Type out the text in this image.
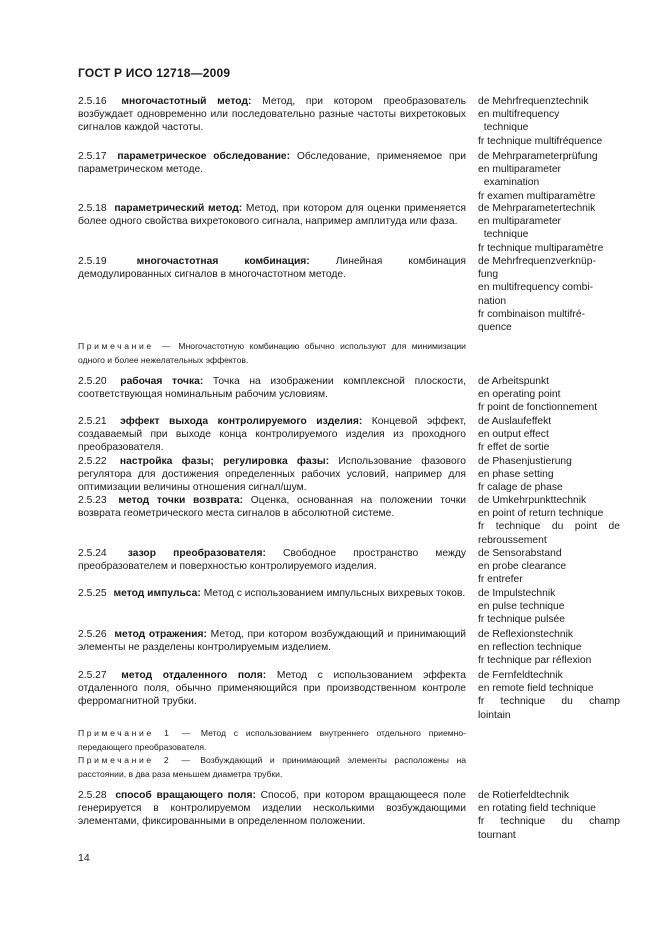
ГОСТ Р ИСО 12718—2009
2.5.16 многочастотный метод: Метод, при котором преобразователь возбуждает одновременно или последовательно разные частоты вихретоковых сигналов каждой частоты.
de Mehrfrequenztechnik
en multifrequency
technique
fr technique multifréquence
2.5.17 параметрическое обследование: Обследование, применяемое при параметрическом методе.
de Mehrparameterprüfung
en multiparameter
examination
fr examen multiparamètre
2.5.18 параметрический метод: Метод, при котором для оценки применяется более одного свойства вихретокового сигнала, например амплитуда или фаза.
de Mehrparametertechnik
en multiparameter
technique
fr technique multiparamètre
2.5.19	многочастотная комбинация:	Линейная комбинация демодулированных сигналов в многочастотном методе.
de Mehrfrequenzverknüp-
fung
en multifrequency combi-
nation
fr combinaison multifré-
quence
Примечание — Многочастотную комбинацию обычно используют для минимизации одного и более нежелательных эффектов.
2.5.20 рабочая точка: Точка на изображении комплексной плоскости, соответствующая номинальным рабочим условиям.
de Arbeitspunkt
en operating point
fr point de fonctionnement
2.5.21 эффект выхода контролируемого изделия: Концевой эффект, создаваемый при выходе конца контролируемого изделия из проходного преобразователя.
de Auslaufeffekt
en output effect
fr effet de sortie
2.5.22 настройка фазы; регулировка фазы: Использование фазового регулятора для достижения определенных рабочих условий, например для оптимизации величины отношения сигнал/шум.
de Phasenjustierung
en phase setting
fr calage de phase
2.5.23 метод точки возврата: Оценка, основанная на положении точки возврата геометрического места сигналов в абсолютной системе.
de Umkehrpunkttechnik
en point of return technique
fr technique du point de
rebroussement
2.5.24 зазор преобразователя: Свободное пространство между преобразователем и поверхностью контролируемого изделия.
de Sensorabstand
en probe clearance
fr entrefer
2.5.25 метод импульса: Метод с использованием импульсных вихревых токов. de Impulstechnik
en pulse technique
fr technique pulsée
2.5.26 метод отражения: Метод, при котором возбуждающий и принимающий элементы не разделены контролируемым изделием.
de Reflexionstechnik
en reflection technique
fr technique par réflexion
2.5.27 метод отдаленного поля: Метод с использованием эффекта отдаленного поля, обычно применяющийся при производственном контроле ферромагнитной трубки.
de Fernfeldtechnik
en remote field technique
fr technique du champ
lointain
Примечание 1 — Метод с использованием внутреннего отдельного приемно-передающего преобразователя.
Примечание 2 — Возбуждающий и принимающий элементы расположены на расстоянии, в два раза меньшем диаметра трубки.
2.5.28 способ вращающего поля: Способ, при котором вращающееся поле генерируется в контролируемом изделии несколькими возбуждающими элементами, фиксированными в определенном положении.
de Rotierfeldtechnik
en rotating field technique
fr technique du champ
tournant
14
